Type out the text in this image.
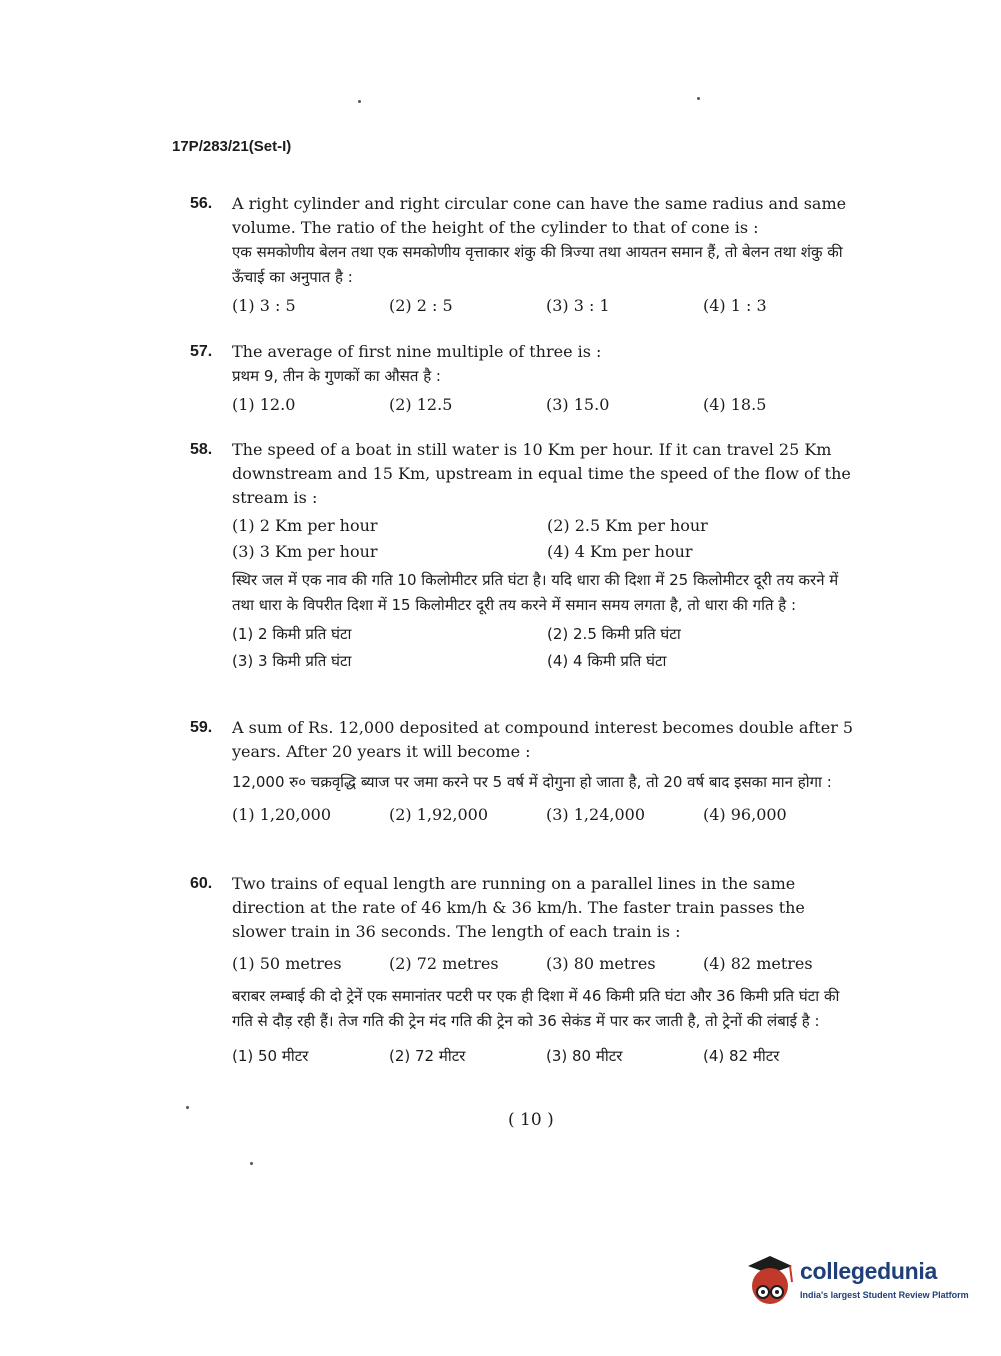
17P/283/21(Set-I)
56.	A right cylinder and right circular cone can have the same radius and same volume. The ratio of the height of the cylinder to that of cone is :

एक समकोणीय बेलन तथा एक समकोणीय वृत्ताकार शंकु की त्रिज्या तथा आयतन समान हैं, तो बेलन तथा शंकु की ऊँचाई का अनुपात है :

(1) 3 : 5	(2) 2 : 5	(3) 3 : 1	(4) 1 : 3
57.	The average of first nine multiple of three is :

प्रथम 9, तीन के गुणकों का औसत है :

(1) 12.0	(2) 12.5	(3) 15.0	(4) 18.5
58.	The speed of a boat in still water is 10 Km per hour. If it can travel 25 Km downstream and 15 Km, upstream in equal time the speed of the flow of the stream is :

(1) 2 Km per hour	(2) 2.5 Km per hour
(3) 3 Km per hour	(4) 4 Km per hour

स्थिर जल में एक नाव की गति 10 किलोमीटर प्रति घंटा है। यदि धारा की दिशा में 25 किलोमीटर दूरी तय करने में तथा धारा के विपरीत दिशा में 15 किलोमीटर दूरी तय करने में समान समय लगता है, तो धारा की गति है :

(1) 2 किमी प्रति घंटा	(2) 2.5 किमी प्रति घंटा
(3) 3 किमी प्रति घंटा	(4) 4 किमी प्रति घंटा
59.	A sum of Rs. 12,000 deposited at compound interest becomes double after 5 years. After 20 years it will become :

12,000 रु० चक्रवृद्धि ब्याज पर जमा करने पर 5 वर्ष में दोगुना हो जाता है, तो 20 वर्ष बाद इसका मान होगा :

(1) 1,20,000	(2) 1,92,000	(3) 1,24,000	(4) 96,000
60.	Two trains of equal length are running on a parallel lines in the same direction at the rate of 46 km/h & 36 km/h. The faster train passes the slower train in 36 seconds. The length of each train is :

(1) 50 metres	(2) 72 metres	(3) 80 metres	(4) 82 metres

बराबर लम्बाई की दो ट्रेनें एक समानांतर पटरी पर एक ही दिशा में 46 किमी प्रति घंटा और 36 किमी प्रति घंटा की गति से दौड़ रही हैं। तेज गति की ट्रेन मंद गति की ट्रेन को 36 सेकंड में पार कर जाती है, तो ट्रेनों की लंबाई है :

(1) 50 मीटर	(2) 72 मीटर	(3) 80 मीटर	(4) 82 मीटर
( 10 )
collegedunia
India's largest Student Review Platform
